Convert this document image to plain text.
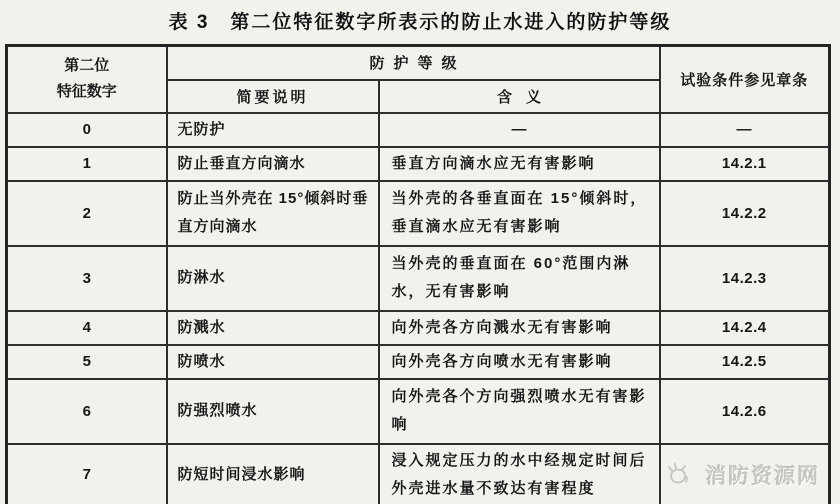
表 3　第二位特征数字所表示的防止水进入的防护等级
第二位
特征数字	防护等级		试验条件参见章条
	简要说明	含义	
0	无防护	—	—
1	防止垂直方向滴水	垂直方向滴水应无有害影响	14.2.1
2	防止当外壳在 15°倾斜时垂直方向滴水	当外壳的各垂直面在 15°倾斜时，垂直滴水应无有害影响	14.2.2
3	防淋水	当外壳的垂直面在 60°范围内淋水，无有害影响	14.2.3
4	防溅水	向外壳各方向溅水无有害影响	14.2.4
5	防喷水	向外壳各方向喷水无有害影响	14.2.5
6	防强烈喷水	向外壳各个方向强烈喷水无有害影响	14.2.6
7	防短时间浸水影响	浸入规定压力的水中经规定时间后外壳进水量不致达有害程度	消防资源网
